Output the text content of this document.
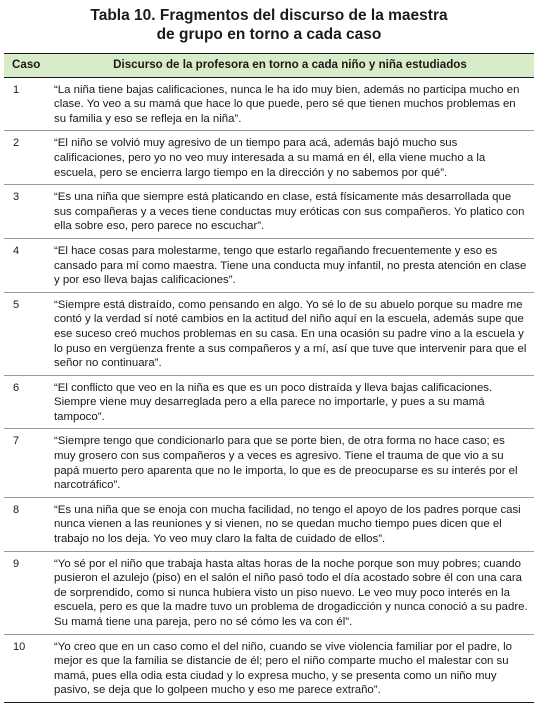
Tabla 10. Fragmentos del discurso de la maestra
de grupo en torno a cada caso
Caso	Discurso de la profesora en torno a cada niño y niña estudiados
1	“La niña tiene bajas calificaciones, nunca le ha ido muy bien, además no participa mucho en clase. Yo veo a su mamá que hace lo que puede, pero sé que tienen muchos problemas en su familia y eso se refleja en la niña”.
2	“El niño se volvió muy agresivo de un tiempo para acá, además bajó mucho sus calificaciones, pero yo no veo muy interesada a su mamá en él, ella viene mucho a la escuela, pero se encierra largo tiempo en la dirección y no sabemos por qué”.
3	“Es una niña que siempre está platicando en clase, está físicamente más desarrollada que sus compañeras y a veces tiene conductas muy eróticas con sus compañeros. Yo platico con ella sobre eso, pero parece no escuchar”.
4	“El hace cosas para molestarme, tengo que estarlo regañando frecuentemente y eso es cansado para mí como maestra. Tiene una conducta muy infantil, no presta atención en clase y por eso lleva bajas calificaciones”.
5	“Siempre está distraído, como pensando en algo. Yo sé lo de su abuelo porque su madre me contó y la verdad sí noté cambios en la actitud del niño aquí en la escuela, además supe que ese suceso creó muchos problemas en su casa. En una ocasión su padre vino a la escuela y lo puso en vergüenza frente a sus compañeros y a mí, así que tuve que intervenir para que el señor no continuara”.
6	“El conflicto que veo en la niña es que es un poco distraída y lleva bajas calificaciones. Siempre viene muy desarreglada pero a ella parece no importarle, y pues a su mamá tampoco”.
7	“Siempre tengo que condicionarlo para que se porte bien, de otra forma no hace caso; es muy grosero con sus compañeros y a veces es agresivo. Tiene el trauma de que vio a su papá muerto pero aparenta que no le importa, lo que es de preocuparse es su interés por el narcotráfico”.
8	“Es una niña que se enoja con mucha facilidad, no tengo el apoyo de los padres porque casi nunca vienen a las reuniones y si vienen, no se quedan mucho tiempo pues dicen que el trabajo no los deja. Yo veo muy claro la falta de cuidado de ellos”.
9	“Yo sé por el niño que trabaja hasta altas horas de la noche porque son muy pobres; cuando pusieron el azulejo (piso) en el salón el niño pasó todo el día acostado sobre él con una cara de sorprendido, como si nunca hubiera visto un piso nuevo. Le veo muy poco interés en la escuela, pero es que la madre tuvo un problema de drogadicción y nunca conoció a su padre. Su mamá tiene una pareja, pero no sé cómo les va con él”.
10	“Yo creo que en un caso como el del niño, cuando se vive violencia familiar por el padre, lo mejor es que la familia se distancie de él; pero el niño comparte mucho el malestar con su mamá, pues ella odia esta ciudad y lo expresa mucho, y se presenta como un niño muy pasivo, se deja que lo golpeen mucho y eso me parece extraño”.
